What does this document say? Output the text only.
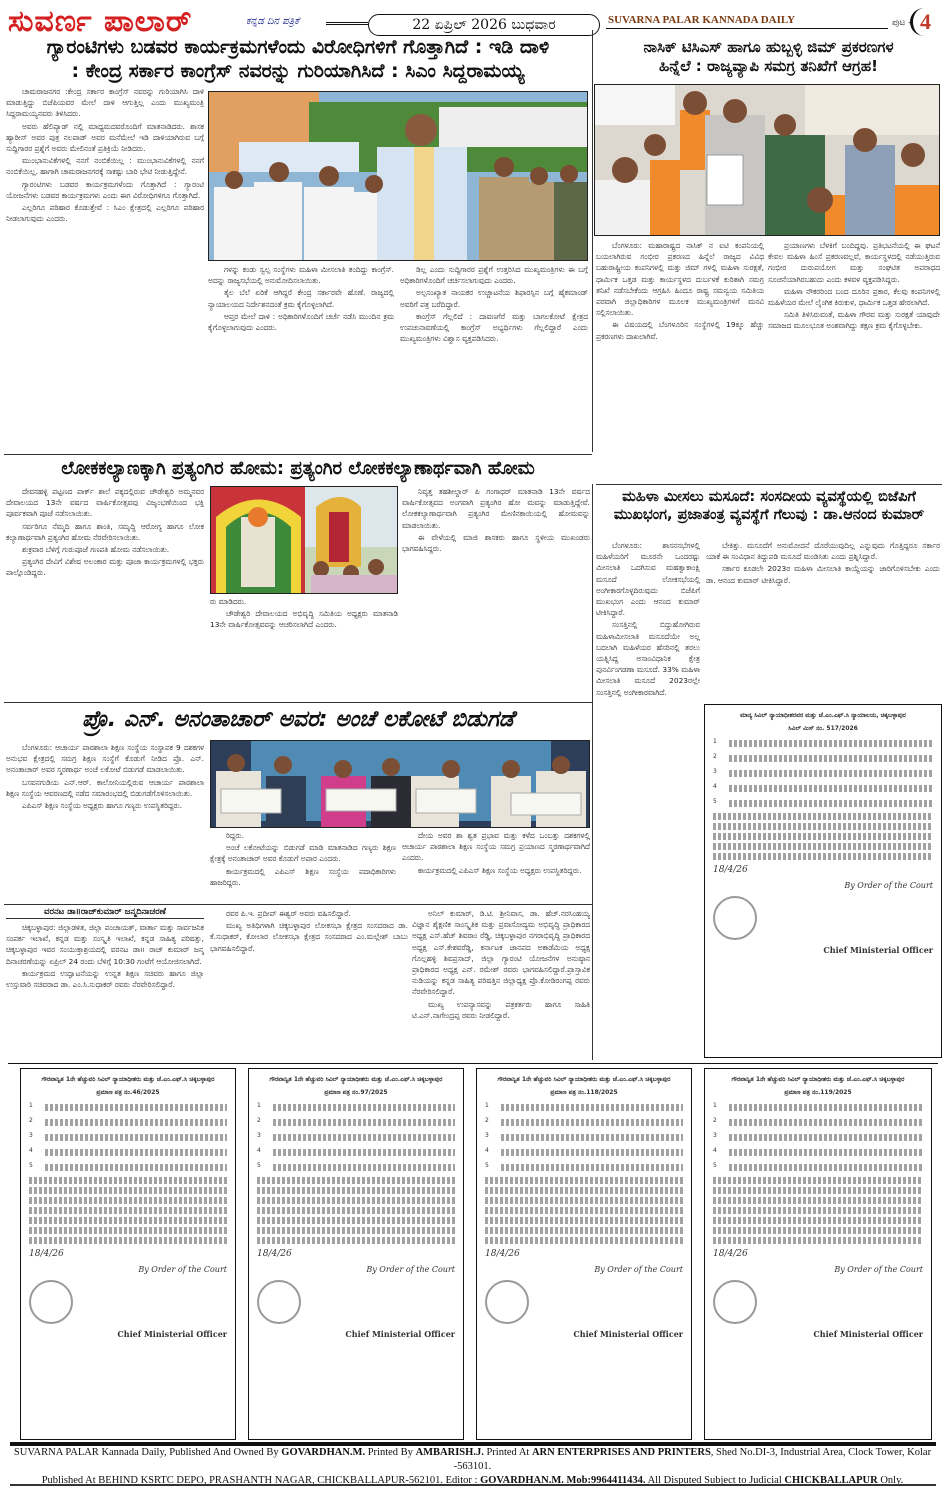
ಸುವರ್ಣ ಪಾಲಾರ್	ಕನ್ನಡ ದಿನ ಪತ್ರಿಕೆ	22 ಏಪ್ರಿಲ್ 2026 ಬುಧವಾರ	SUVARNA PALAR KANNADA DAILY	ಪುಟ - 4
ಗ್ಯಾರಂಟಿಗಳು ಬಡವರ ಕಾರ್ಯಕ್ರಮಗಳೆಂದು ವಿರೋಧಿಗಳಿಗೆ ಗೊತ್ತಾಗಿದೆ : ಇಡಿ ದಾಳಿ
: ಕೇಂದ್ರ ಸರ್ಕಾರ ಕಾಂಗ್ರೆಸ್ ನವರನ್ನು ಗುರಿಯಾಗಿಸಿದೆ : ಸಿಎಂ ಸಿದ್ದರಾಮಯ್ಯ

ಚಾಮರಾಜನಗರ :ಕೇಂದ್ರ ಸರ್ಕಾರ ಕಾಂಗ್ರೆಸ್ ನವರನ್ನು ಗುರಿಯಾಗಿಸಿ ದಾಳಿ ಮಾಡುತ್ತಿದ್ದು ಬಿಜೆಪಿಯವರ ಮೇಲೆ ದಾಳಿ ಆಗುತ್ತಿಲ್ಲ ಎಂದು ಮುಖ್ಯಮಂತ್ರಿ ಸಿದ್ದರಾಮಯ್ಯನವರು ತಿಳಿಸಿದರು.

ಅವರು ಹೆಲಿಪ್ಯಾಡ್ ನಲ್ಲಿ ಮಾಧ್ಯಮದವರೊಂದಿಗೆ ಮಾತನಾಡಿದರು. ಶಾಸಕ ಹ್ಯಾರೀಸ್ ಅವರ ಪುತ್ರ ನಲಪಾಡ್ ಅವರ ಮನೆಮೇಲೆ ಇಡಿ ದಾಳಿಯಾಗಿರುವ ಬಗ್ಗೆ ಸುದ್ದಿಗಾರರ ಪ್ರಶ್ನೆಗೆ ಅವರು ಮೇಲಿನಂತೆ ಪ್ರತಿಕ್ರಿಯೆ ನೀಡಿದರು.

ಮುಂಭಾನುವಿಕೆಗಳಲ್ಲಿ ನನಗೆ ನಂಬಿಕೆಯಿಲ್ಲ : ಮುಂಭಾನುವಿಕೆಗಳಲ್ಲಿ ನನಗೆ ನಂಬಿಕೆಯಿಲ್ಲ. ಹಾಗಾಗಿ ಚಾಮರಾಜನಗರಕ್ಕೆ ಸಾಕಷ್ಟು ಬಾರಿ ಭೇಟಿ ನೀಡುತ್ತಿದ್ದೇನೆ.

ಗ್ಯಾರಂಟಿಗಳು ಬಡವರ ಕಾರ್ಯಕ್ರಮಗಳೆಂದು ಗೊತ್ತಾಗಿದೆ : ಗ್ಯಾರಂಟಿ ಯೋಜನೆಗಳು ಬಡವರ ಕಾರ್ಯಕ್ರಮಗಳು ಎಂದು ಈಗ ವಿರೋಧಿಗಳಿಗೂ ಗೊತ್ತಾಗಿದೆ.

ಎಲ್ಲರಿಗೂ ಪರಿಹಾರ ಕೊಡುತ್ತೇವೆ : ಸಿಎಂ ಕ್ಷೇತ್ರದಲ್ಲಿ ಎಲ್ಲರಿಗೂ ಪರಿಹಾರ ನೀಡಲಾಗುವುದು ಎಂದರು.

ಗಳನ್ನು ಕಂಡು ಸ್ವಲ್ಪ ಸಂಸ್ಥೆಗಳು ಮಹಿಳಾ ಮೀಸಲಾತಿ ತಂದಿದ್ದು ಕಾಂಗ್ರೆಸ್. ಅದನ್ನು ರಾಜ್ಯಸಭೆಯಲ್ಲಿ ಅನುಮೋದಿಸಲಾಯಿತು.

ತೈಲ ಬೆಲೆ ಏರಿಕೆ ಆಗಿದ್ದರೆ ಕೇಂದ್ರ ಸರ್ಕಾರವೇ ಹೊಣೆ. ರಾಜ್ಯದಲ್ಲಿ ನ್ಯಾಯಾಲಯದ ನಿರ್ದೇಶನದಂತೆ ಕ್ರಮ ಕೈಗೊಳ್ಳಲಾಗಿದೆ.

ಆಪ್ತರ ಮೇಲೆ ದಾಳಿ : ಅಧಿಕಾರಿಗಳೊಂದಿಗೆ ಚರ್ಚೆ ನಡೆಸಿ ಮುಂದಿನ ಕ್ರಮ ಕೈಗೊಳ್ಳಲಾಗುವುದು ಎಂದರು.

ಡಿಲ್ಲ ಎಂದು ಸುದ್ದಿಗಾರರ ಪ್ರಶ್ನೆಗೆ ಉತ್ತರಿಸಿದ ಮುಖ್ಯಮಂತ್ರಿಗಳು ಈ ಬಗ್ಗೆ ಅಧಿಕಾರಿಗಳೊಂದಿಗೆ ಚರ್ಚಿಸಲಾಗುವುದು ಎಂದರು.

ಅಲ್ಪಸಂಖ್ಯಾತ ನಾಯಕರ ಉಚ್ಚಾಟನೆಯ ಶಿಫಾರಸ್ಸಿನ ಬಗ್ಗೆ ಹೈಕಮಾಂಡ್ ಅವರಿಗೆ ಪತ್ರ ಬರೆದಿದ್ದಾರೆ.

ಕಾಂಗ್ರೆಸ್ ಗೆಲ್ಲಲಿದೆ : ದಾವಣಗೆರೆ ಮತ್ತು ಬಾಗಲಕೋಟೆ ಕ್ಷೇತ್ರದ ಉಪಚುನಾವಣೆಯಲ್ಲಿ ಕಾಂಗ್ರೆಸ್ ಅಭ್ಯರ್ಥಿಗಳು ಗೆಲ್ಲಲಿದ್ದಾರೆ ಎಂದು ಮುಖ್ಯಮಂತ್ರಿಗಳು ವಿಶ್ವಾಸ ವ್ಯಕ್ತಪಡಿಸಿದರು.

ನಾಸಿಕ್ ಟಿಸಿಎಸ್ ಹಾಗೂ ಹುಬ್ಬಳ್ಳಿ ಜಿಮ್ ಪ್ರಕರಣಗಳ
ಹಿನ್ನೆಲೆ : ರಾಜ್ಯವ್ಯಾಪಿ ಸಮಗ್ರ ತನಿಖೆಗೆ ಆಗ್ರಹ!

ಬೆಂಗಳೂರು: ಮಹಾರಾಷ್ಟ್ರದ ನಾಸಿಕ್ ನ ಐಟಿ ಕಂಪನಿಯಲ್ಲಿ ಬಯಲಾಗಿರುವ ಗಂಭೀರ ಪ್ರಕರಣದ ಹಿನ್ನೆಲೆ ರಾಜ್ಯದ ವಿವಿಧ ಬಹುರಾಷ್ಟ್ರೀಯ ಕಂಪನಿಗಳಲ್ಲಿ ಮತ್ತು ಜಿಮ್ ಗಳಲ್ಲಿ ಮಹಿಳಾ ಸುರಕ್ಷತೆ, ಧಾರ್ಮಿಕ ಒತ್ತಡ ಮತ್ತು ಕಾರ್ಯಸ್ಥಳದ ದುರ್ಬಳಕೆ ಕುರಿತಾಗಿ ಸಮಗ್ರ ತನಿಖೆ ನಡೆಸಬೇಕೆಂದು ಆಗ್ರಹಿಸಿ ಹಿಂದೂ ರಾಷ್ಟ್ರ ಸಮನ್ವಯ ಸಮಿತಿಯ ಪರವಾಗಿ ಜಿಲ್ಲಾಧಿಕಾರಿಗಳ ಮೂಲಕ ಮುಖ್ಯಮಂತ್ರಿಗಳಿಗೆ ಮನವಿ ಸಲ್ಲಿಸಲಾಯಿತು.

ಈ ವಿಷಯದಲ್ಲಿ ಬೆಂಗಳೂರಿನ ಸಂಸ್ಥೆಗಳಲ್ಲಿ 19ಕ್ಕೂ ಹೆಚ್ಚು ಪ್ರಕರಣಗಳು ದಾಖಲಾಗಿವೆ.

ಪ್ರಯಾಣಗಳು ಬೆಳಕಿಗೆ ಬಂದಿದ್ದವು. ಪ್ರತಿಭಟನೆಯಲ್ಲಿ ಈ ಘಟನೆ ಕೇವಲ ಮಹಿಳಾ ಹಿಂಸೆ ಪ್ರಕರಣವಲ್ಲವೆ, ಕಾರ್ಯಸ್ಥಳದಲ್ಲಿ ನಡೆಯುತ್ತಿರುವ ಗಂಭೀರ ದುರುಪಯೋಗ ಮತ್ತು ಸಂಘಟಿತ ಅಪರಾಧದ ಸೂಚನೆಯಾಗಿರಬಹುದು ಎಂದು ಕಳವಳ ವ್ಯಕ್ತಪಡಿಸಿದ್ದರು.

ಮಹಿಳಾ ನೌಕರರಿಂದ ಬಂದ ದೂರಿನ ಪ್ರಕಾರ, ಕೆಲವು ಕಂಪನಿಗಳಲ್ಲಿ ಮಹಿಳೆಯರ ಮೇಲೆ ಲೈಂಗಿಕ ಕಿರುಕುಳ, ಧಾರ್ಮಿಕ ಒತ್ತಡ ಹೇರಲಾಗಿದೆ.

ಸಮಿತಿ ತಿಳಿಸಿರುವಂತೆ, ಮಹಿಳಾ ಗೌರವ ಮತ್ತು ಸುರಕ್ಷತೆ ಯಾವುದೇ ಸಮಾಜದ ಮೂಲಭೂತ ಅಂಶವಾಗಿದ್ದು ತಕ್ಷಣ ಕ್ರಮ ಕೈಗೊಳ್ಳಬೇಕು.

ಲೋಕಕಲ್ಯಾಣಕ್ಕಾಗಿ ಪ್ರತ್ಯಂಗಿರ ಹೋಮ: ಪ್ರತ್ಯಂಗಿರ ಲೋಕಕಲ್ಯಾಣಾರ್ಥವಾಗಿ ಹೋಮ

ದೇವನಹಳ್ಳಿ ಪಟ್ಟಣದ ಪಾರ್ಕ್ ಶಾಲೆ ಪಕ್ಕದಲ್ಲಿರುವ ಚೌಡೇಶ್ವರಿ ಅಮ್ಮನವರ ದೇವಾಲಯದ 13ನೇ ವರ್ಷದ ವಾರ್ಷಿಕೋತ್ಸವವು ವಿಜೃಂಭಣೆಯಿಂದ ಭಕ್ತಿ ಪೂರ್ವಕವಾಗಿ ಪೂಜೆ ನಡೆಸಲಾಯಿತು.

ಸರ್ವರಿಗೂ ನೆಮ್ಮದಿ ಹಾಗೂ ಶಾಂತಿ, ಸಮೃದ್ಧಿ ಆರೋಗ್ಯ ಹಾಗೂ ಲೋಕ ಕಲ್ಯಾಣಾರ್ಥವಾಗಿ ಪ್ರತ್ಯಂಗಿರ ಹೋಮ ನೆರವೇರಿಸಲಾಯಿತು.

ಶುಕ್ರವಾರ ಬೆಳಿಗ್ಗೆ ಗುರುಪೂಜೆ ಗಣಪತಿ ಹೋಮ ನಡೆಸಲಾಯಿತು.

ಪ್ರತ್ಯಂಗಿರ ದೇವಿಗೆ ವಿಶೇಷ ಅಲಂಕಾರ ಮತ್ತು ಪೂಜಾ ಕಾರ್ಯಕ್ರಮಗಳಲ್ಲಿ ಭಕ್ತರು ಪಾಲ್ಗೊಂಡಿದ್ದರು.

ರು ಮಾಡಿದರು.

ಚೌಡೇಶ್ವರಿ ದೇವಾಲಯದ ಅಭಿವೃದ್ಧಿ ಸಮಿತಿಯ ಅಧ್ಯಕ್ಷರು ಮಾತನಾಡಿ 13ನೇ ವಾರ್ಷಿಕೋತ್ಸವವನ್ನು ಆಚರಿಸಲಾಗಿದೆ ಎಂದರು.

ನಿವೃತ್ತ ತಹಶೀಲ್ದಾರ್ ಪಿ ಗಂಗಾಧರ್ ಮಾತನಾಡಿ 13ನೇ ವರ್ಷದ ವಾರ್ಷಿಕೋತ್ಸವದ ಅಂಗವಾಗಿ ಪ್ರತ್ಯಂಗಿರ ಹೋ ಮವನ್ನು ಮಾಡುತ್ತಿದ್ದೇವೆ. ಲೋಕಕಲ್ಯಾಣಾರ್ಥವಾಗಿ ಪ್ರತ್ಯಂಗಿರ ಮೇಣಿನಕಾಯಿಯಲ್ಲಿ ಹೋಮವನ್ನು ಮಾಡಲಾಯಿತು.

ಈ ವೇಳೆಯಲ್ಲಿ ಮಾಜಿ ಶಾಸಕರು ಹಾಗೂ ಸ್ಥಳೀಯ ಮುಖಂಡರು ಭಾಗವಹಿಸಿದ್ದರು.

ಪ್ರೊ. ಎನ್. ಅನಂತಾಚಾರ್ ಅವರ: ಅಂಚೆ ಲಕೋಟೆ ಬಿಡುಗಡೆ

ಬೆಂಗಳೂರು: ಆಚಾರ್ಯ ಪಾಠಶಾಲಾ ಶಿಕ್ಷಣ ಸಂಸ್ಥೆಯ ಸಂಸ್ಥಾಪಕ 9 ದಶಕಗಳ ಅನುಭವ ಕ್ಷೇತ್ರದಲ್ಲಿ ಸಮಗ್ರ ಶಿಕ್ಷಣ ಸಂಸ್ಥೆಗೆ ಕೊಡುಗೆ ನೀಡಿದ ಪ್ರೊ. ಎನ್. ಅನಂತಾಚಾರ್ ಅವರ ಸ್ಮರಣಾರ್ಥ ಅಂಚೆ ಲಕೋಟೆ ಬಿಡುಗಡೆ ಮಾಡಲಾಯಿತು.

ಬಸವನಗುಡಿಯ ಎನ್.ಆರ್. ಕಾಲೋನಿಯಲ್ಲಿರುವ ಆಚಾರ್ಯ ಪಾಠಶಾಲಾ ಶಿಕ್ಷಣ ಸಂಸ್ಥೆಯ ಆವರಣದಲ್ಲಿ ನಡೆದ ಸಮಾರಂಭದಲ್ಲಿ ಬಿಡುಗಡೆಗೊಳಿಸಲಾಯಿತು.

ಎಪಿಎಸ್ ಶಿಕ್ಷಣ ಸಂಸ್ಥೆಯ ಅಧ್ಯಕ್ಷರು ಹಾಗೂ ಗಣ್ಯರು ಉಪಸ್ಥಿತರಿದ್ದರು.

ರಿದ್ದರು.

ಅಂಚೆ ಲಕೋಟೆಯನ್ನು ಬಿಡುಗಡೆ ಮಾಡಿ ಮಾತನಾಡಿದ ಗಣ್ಯರು ಶಿಕ್ಷಣ ಕ್ಷೇತ್ರಕ್ಕೆ ಅನಂತಾಚಾರ್ ಅವರ ಕೊಡುಗೆ ಅಪಾರ ಎಂದರು.

ಕಾರ್ಯಕ್ರಮದಲ್ಲಿ ಎಪಿಎಸ್ ಶಿಕ್ಷಣ ಸಂಸ್ಥೆಯ ಪದಾಧಿಕಾರಿಗಳು ಹಾಜರಿದ್ದರು.

ದೇಯ ಅವರ ಶಾ ಶ್ವತ ಪ್ರಭಾವ ಮತ್ತು ಕಳೆದ ಒಂಬತ್ತು ದಶಕಗಳಲ್ಲಿ ಆಚಾರ್ಯ ಪಾಠಶಾಲಾ ಶಿಕ್ಷಣ ಸಂಸ್ಥೆಯ ಸಮಗ್ರ ಪ್ರಯಾಣದ ಸ್ಮರಣಾರ್ಥವಾಗಿದೆ ಎಂದರು.

ಕಾರ್ಯಕ್ರಮದಲ್ಲಿ ಎಪಿಎಸ್ ಶಿಕ್ಷಣ ಸಂಸ್ಥೆಯ ಅಧ್ಯಕ್ಷರು ಉಪಸ್ಥಿತರಿದ್ದರು.

ವರನಟ ಡಾ॥ರಾಜ್‌ಕುಮಾರ್ ಜನ್ಮದಿನಾಚರಣೆ

ಚಿಕ್ಕಬಳ್ಳಾಪುರ: ಜಿಲ್ಲಾಡಳಿತ, ಜಿಲ್ಲಾ ಪಂಚಾಯತ್, ವಾರ್ತಾ ಮತ್ತು ಸಾರ್ವಜನಿಕ ಸಂಪರ್ಕ ಇಲಾಖೆ, ಕನ್ನಡ ಮತ್ತು ಸಂಸ್ಕೃತಿ ಇಲಾಖೆ, ಕನ್ನಡ ಸಾಹಿತ್ಯ ಪರಿಷತ್ತು, ಚಿಕ್ಕಬಳ್ಳಾಪುರ ಇವರ ಸಂಯುಕ್ತಾಶ್ರಯದಲ್ಲಿ ವರನಟ ಡಾ॥ ರಾಜ್ ಕುಮಾರ್ ಜನ್ಮ ದಿನಾಚರಣೆಯನ್ನು ಏಪ್ರಿಲ್ 24 ರಂದು ಬೆಳಿಗ್ಗೆ 10:30 ಗಂಟೆಗೆ ಆಯೋಜಿಸಲಾಗಿದೆ.

ಕಾರ್ಯಕ್ರಮದ ಉದ್ಘಾಟನೆಯನ್ನು ಉನ್ನತ ಶಿಕ್ಷಣ ಸಚಿವರು ಹಾಗೂ ಜಿಲ್ಲಾ ಉಸ್ತುವಾರಿ ಸಚಿವರಾದ ಡಾ. ಎಂ.ಸಿ.ಸುಧಾಕರ್ ರವರು ನೆರವೇರಿಸಲಿದ್ದಾರೆ.

ರವರ ಪಿ.ಇ. ಪ್ರದೀಪ್ ಈಶ್ವರ್ ಅವರು ವಹಿಸಲಿದ್ದಾರೆ.

ಮುಖ್ಯ ಅತಿಥಿಗಳಾಗಿ ಚಿಕ್ಕಬಳ್ಳಾಪುರ ಲೋಕಸಭಾ ಕ್ಷೇತ್ರದ ಸಂಸದರಾದ ಡಾ. ಕೆ.ಸುಧಾಕರ್, ಕೋಲಾರ ಲೋಕಸಭಾ ಕ್ಷೇತ್ರದ ಸಂಸದರಾದ ಎಂ.ಮಲ್ಲೇಶ್ ಬಾಬು ಭಾಗವಹಿಸಲಿದ್ದಾರೆ.

ಅನಿಲ್ ಕುಮಾರ್, ಡಿ.ಟಿ. ಶ್ರೀನಿವಾಸ, ಡಾ. ಹೆಚ್.ನರಸಿಂಹಯ್ಯ ವಿಜ್ಞಾನ ಶೈಕ್ಷಣಿಕ ಸಾಂಸ್ಕೃತಿಕ ಮತ್ತು ಪ್ರವಾಸೋದ್ಯಮ ಅಭಿವೃದ್ಧಿ ಪ್ರಾಧಿಕಾರದ ಅಧ್ಯಕ್ಷ ಎಸ್.ಹೆಚ್ ಶಿವರಾಂ ರೆಡ್ಡಿ, ಚಿಕ್ಕಬಳ್ಳಾಪುರ ನಗರಾಭಿವೃದ್ಧಿ ಪ್ರಾಧಿಕಾರದ ಅಧ್ಯಕ್ಷ ಎಸ್.ಕೇಶವರೆಡ್ಡಿ, ಕರ್ನಾಟಕ ಜಾನಪದ ಅಕಾಡೆಮಿಯ ಅಧ್ಯಕ್ಷ ಗೊಲ್ಲಹಳ್ಳಿ ಶಿವಪ್ರಸಾದ್, ಜಿಲ್ಲಾ ಗ್ಯಾರಂಟಿ ಯೋಜನೆಗಳ ಅನುಷ್ಠಾನ ಪ್ರಾಧಿಕಾರದ ಅಧ್ಯಕ್ಷ ಎನ್. ರಮೇಶ್ ರವರು ಭಾಗವಹಿಸಲಿದ್ದಾರೆ.ಪ್ರಾಸ್ತಾವಿಕ ನುಡಿಯನ್ನು ಕನ್ನಡ ಸಾಹಿತ್ಯ ಪರಿಷತ್ತಿನ ಜಿಲ್ಲಾಧ್ಯಕ್ಷ ಪ್ರೊ.ಕೋಡಿರಂಗಪ್ಪ ರವರು ನೆರವೇರಿಸಲಿದ್ದಾರೆ.

ಮುಖ್ಯ ಉಪನ್ಯಾಸವನ್ನು ಪತ್ರಕರ್ತರು ಹಾಗೂ ಸಾಹಿತಿ ಟಿ.ಎನ್.ನಾಗೇಂದ್ರಪ್ಪ ರವರು ನೀಡಲಿದ್ದಾರೆ.

ಮಹಿಳಾ ಮೀಸಲು ಮಸೂದೆ: ಸಂಸದೀಯ ವ್ಯವಸ್ಥೆಯಲ್ಲಿ ಬಿಜೆಪಿಗೆ
ಮುಖಭಂಗ, ಪ್ರಜಾತಂತ್ರ ವ್ಯವಸ್ಥೆಗೆ ಗೆಲುವು : ಡಾ.ಆನಂದ ಕುಮಾರ್

ಬೆಂಗಳೂರು: ಶಾಸನಸಭೆಗಳಲ್ಲಿ ಮಹಿಳೆಯರಿಗೆ ಮೂರನೇ ಒಂದರಷ್ಟು ಮೀಸಲಾತಿ ಒದಗಿಸುವ ಮಹತ್ವಾಕಾಂಕ್ಷಿ ಮಸೂದೆ ಲೋಕಸಭೆಯಲ್ಲಿ ಅಂಗೀಕಾರಗೊಳ್ಳದಿರುವುದು ಬಿಜೆಪಿಗೆ ಮುಖಭಂಗ ಎಂದು ಆನಂದ ಕುಮಾರ್ ಟೀಕಿಸಿದ್ದಾರೆ.

ಸಂಸತ್ತಿನಲ್ಲಿ ಬಿದ್ದುಹೋಗಿರುವ ಮಹಿಳಾಮೀಸಲಾತಿ ಮಸೂದೆಯೇ ಅಲ್ಲ ಬದಲಾಗಿ ಮಹಿಳೆಯರ ಹೆಸರಿನಲ್ಲಿ ತರಲು ಯತ್ನಿಸಿದ್ದ ಅಸಾಂವಿಧಾನಿಕ ಕ್ಷೇತ್ರ ಪುನರ್ವಿಂಗಡಣಾ ಮಸೂದೆ. 33% ಮಹಿಳಾ ಮೀಸಲಾತಿ ಮಸೂದೆ 2023ರಲ್ಲೇ ಸಂಸತ್ತಿನಲ್ಲಿ ಅಂಗೀಕಾರವಾಗಿದೆ.

ಬೇಕಿತ್ತು. ಮಸೂದೆಗೆ ಅನುಮೋದನೆ ದೊರೆಯುವುದಿಲ್ಲ ಎನ್ನುವುದು ಗೊತ್ತಿದ್ದರೂ ಸರ್ಕಾರ ಯಾಕೆ ಈ ಸಂವಿಧಾನ ತಿದ್ದುಪಡಿ ಮಸೂದೆ ಮಂಡಿಸಿತು ಎಂದು ಪ್ರಶ್ನಿಸಿದ್ದಾರೆ.

ಸರ್ಕಾರ ಕೂಡಲೇ 2023ರ ಮಹಿಳಾ ಮೀಸಲಾತಿ ಕಾಯ್ದೆಯನ್ನು ಜಾರಿಗೊಳಿಸಬೇಕು ಎಂದು ಡಾ. ಆನಂದ ಕುಮಾರ್ ಟೀಕಿಸಿದ್ದಾರೆ.

ಮಾನ್ಯ ಸಿವಿಲ್ ನ್ಯಾಯಾಧೀಶರವರ ಮತ್ತು ಜೆ.ಎಂ.ಎಫ್.ಸಿ ನ್ಯಾಯಾಲಯ, ಚಿಕ್ಕಬಳ್ಳಾಪುರ
ಸಿವಿಲ್ ಮಿಸ್ ನಂ. 517/2026
1
2
3
4
5
18/4/26
By Order of the Court
Chief Ministerial Officer
ಗೌರವಾನ್ವಿತ 1ನೇ ಹೆಚ್ಚುವರಿ ಸಿವಿಲ್ ನ್ಯಾಯಾಧೀಶರು ಮತ್ತು ಜೆ.ಎಂ.ಎಫ್.ಸಿ ಚಿಕ್ಕಬಳ್ಳಾಪುರ
ಪ್ರಮಾಣ ಪತ್ರ ನಂ.46/2025
1
2
3
4
5
18/4/26
By Order of the Court
Chief Ministerial Officer
ಗೌರವಾನ್ವಿತ 1ನೇ ಹೆಚ್ಚುವರಿ ಸಿವಿಲ್ ನ್ಯಾಯಾಧೀಶರು ಮತ್ತು ಜೆ.ಎಂ.ಎಫ್.ಸಿ ಚಿಕ್ಕಬಳ್ಳಾಪುರ
ಪ್ರಮಾಣ ಪತ್ರ ನಂ.97/2025
1
2
3
4
5
18/4/26
By Order of the Court
Chief Ministerial Officer
ಗೌರವಾನ್ವಿತ 1ನೇ ಹೆಚ್ಚುವರಿ ಸಿವಿಲ್ ನ್ಯಾಯಾಧೀಶರು ಮತ್ತು ಜೆ.ಎಂ.ಎಫ್.ಸಿ ಚಿಕ್ಕಬಳ್ಳಾಪುರ
ಪ್ರಮಾಣ ಪತ್ರ ನಂ.118/2025
1
2
3
4
5
18/4/26
By Order of the Court
Chief Ministerial Officer
ಗೌರವಾನ್ವಿತ 1ನೇ ಹೆಚ್ಚುವರಿ ಸಿವಿಲ್ ನ್ಯಾಯಾಧೀಶರು ಮತ್ತು ಜೆ.ಎಂ.ಎಫ್.ಸಿ ಚಿಕ್ಕಬಳ್ಳಾಪುರ
ಪ್ರಮಾಣ ಪತ್ರ ನಂ.119/2025
1
2
3
4
5
18/4/26
By Order of the Court
Chief Ministerial Officer
SUVARNA PALAR Kannada Daily, Published And Owned By GOVARDHAN.M. Printed By AMBARISH.J. Printed At ARN ENTERPRISES AND PRINTERS, Shed No.DI-3, Industrial Area, Clock Tower, Kolar -563101.
Published At BEHIND KSRTC DEPO, PRASHANTH NAGAR, CHICKBALLAPUR-562101. Editor : GOVARDHAN.M. Mob:9964411434. All Disputed Subject to Judicial CHICKBALLAPUR Only.
